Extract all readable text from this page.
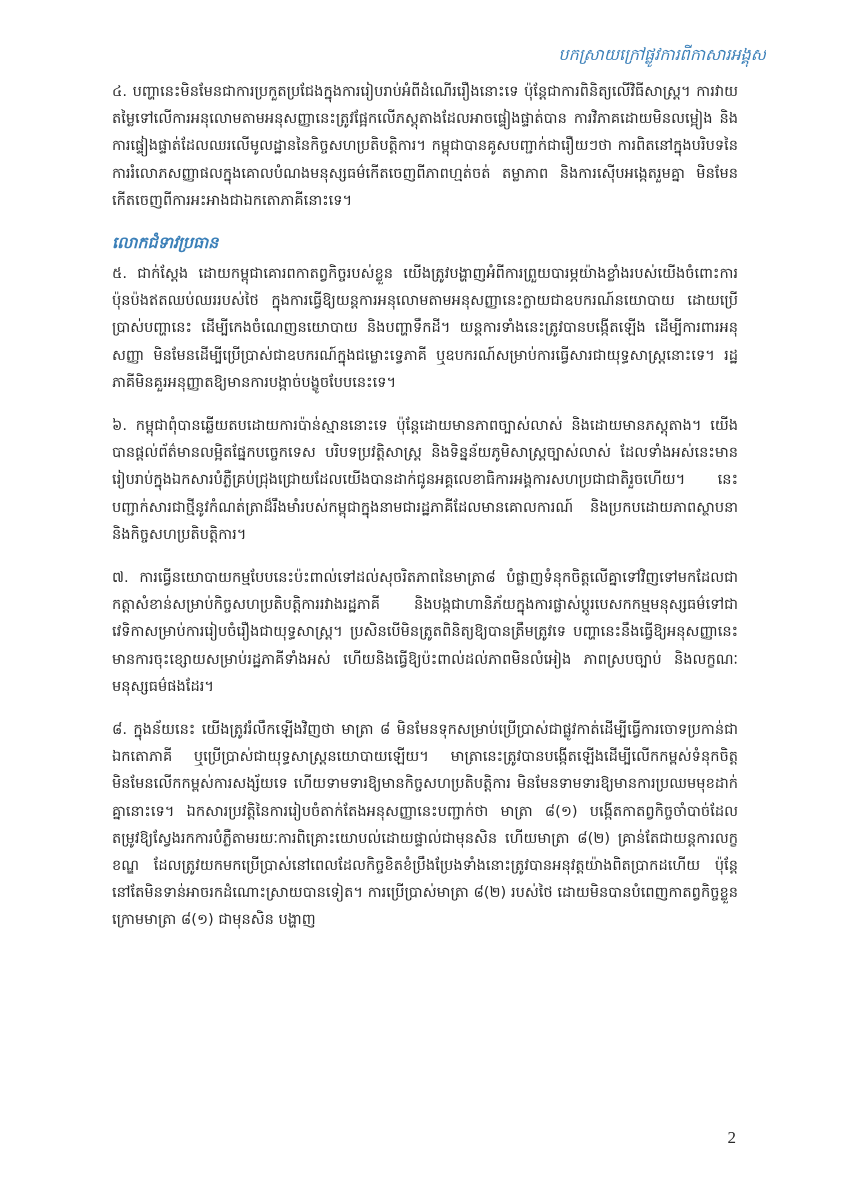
បកស្រាយក្រៅផ្លូវការពីកាសារអង្គុស

៤. បញ្ហានេះមិនមែនជាការប្រកួតប្រជែងក្នុងការរៀបរាប់អំពីដំណើររឿងនោះទេ ប៉ុន្តែជាការពិនិត្យលើវិធីសាស្ត្រ។ ការវាយតម្លៃទៅលើការអនុលោមតាមអនុសញ្ញានេះត្រូវផ្អែកលើភស្តុតាងដែលអាចផ្ទៀងផ្ទាត់បាន ការវិភាគដោយមិនលម្អៀង និងការផ្ទៀងផ្ទាត់ដែលឈរលើមូលដ្ឋាននៃកិច្ចសហប្រតិបត្តិការ។ កម្ពុជាបានគូសបញ្ជាក់ជារឿយៗថា ការពិតនៅក្នុងបរិបទនៃការរំលោភសញ្ញាផលក្នុងគោលបំណងមនុស្សធម៌កើតចេញពីភាពហ្មត់ចត់ តម្លាភាព និងការស៊ើបអង្កេតរួមគ្នា មិនមែនកើតចេញពីការអះអាងជាឯកតោភាគីនោះទេ។

លោកជំទាវប្រធាន

៥. ជាក់ស្តែង ដោយកម្ពុជាគោរពកាតព្វកិច្ចរបស់ខ្លួន យើងត្រូវបង្ហាញអំពីការព្រួយបារម្ភយ៉ាងខ្លាំងរបស់យើងចំពោះការប៉ុនប៉ងឥតឈប់ឈររបស់ថៃ ក្នុងការធ្វើឱ្យយន្តការអនុលោមតាមអនុសញ្ញានេះក្លាយជាឧបករណ៍នយោបាយ ដោយប្រើប្រាស់បញ្ហានេះ ដើម្បីកេងចំណេញនយោបាយ និងបញ្ហាទឹកដី។ យន្តការទាំងនេះត្រូវបានបង្កើតឡើង ដើម្បីការពារអនុសញ្ញា មិនមែនដើម្បីប្រើប្រាស់ជាឧបករណ៍ក្នុងជម្លោះទ្វេភាគី ឬឧបករណ៍សម្រាប់ការធ្វើសារជាយុទ្ធសាស្ត្រនោះទេ។ រដ្ឋភាគីមិនគួរអនុញ្ញាតឱ្យមានការបង្កាច់បង្ខូចបែបនេះទេ។

៦. កម្ពុជាពុំបានឆ្លើយតបដោយការប៉ាន់ស្មាននោះទេ ប៉ុន្តែដោយមានភាពច្បាស់លាស់ និងដោយមានភស្តុតាង។ យើងបានផ្តល់ព័ត៌មានលម្អិតផ្នែកបច្ចេកទេស បរិបទប្រវត្តិសាស្ត្រ និងទិន្នន័យភូមិសាស្ត្រច្បាស់លាស់ ដែលទាំងអស់នេះមានរៀបរាប់ក្នុងឯកសារបំភ្លឺគ្រប់ជ្រុងជ្រោយដែលយើងបានដាក់ជូនអគ្គលេខាធិការអង្គការសហប្រជាជាតិរួចហើយ។ នេះបញ្ជាក់សារជាថ្មីនូវកំណត់ត្រាដ៏រឹងមាំរបស់កម្ពុជាក្នុងនាមជារដ្ឋភាគីដែលមានគោលការណ៍ និងប្រកបដោយភាពស្ថាបនា និងកិច្ចសហប្រតិបត្តិការ។

៧. ការធ្វើនយោបាយកម្មបែបនេះប៉ះពាល់ទៅដល់សុចរិតភាពនៃមាត្រា៨ បំផ្លាញទំនុកចិត្តលើគ្នាទៅវិញទៅមកដែលជាកត្តាសំខាន់សម្រាប់កិច្ចសហប្រតិបត្តិការរវាងរដ្ឋភាគី និងបង្កជាហានិភ័យក្នុងការផ្លាស់ប្តូរបេសកកម្មមនុស្សធម៌ទៅជាវេទិកាសម្រាប់ការរៀបចំរឿងជាយុទ្ធសាស្ត្រ។ ប្រសិនបើមិនត្រូតពិនិត្យឱ្យបានត្រឹមត្រូវទេ បញ្ហានេះនឹងធ្វើឱ្យអនុសញ្ញានេះមានការចុះខ្សោយសម្រាប់រដ្ឋភាគីទាំងអស់ ហើយនិងធ្វើឱ្យប៉ះពាល់ដល់ភាពមិនលំអៀង ភាពស្របច្បាប់ និងលក្ខណៈមនុស្សធម៌ផងដែរ។

៨. ក្នុងន័យនេះ យើងត្រូវរំលឹកឡើងវិញថា មាត្រា ៨ មិនមែនទុកសម្រាប់ប្រើប្រាស់ជាផ្លូវកាត់ដើម្បីធ្វើការចោទប្រកាន់ជាឯកតោភាគី ឬប្រើប្រាស់ជាយុទ្ធសាស្ត្រនយោបាយឡើយ។ មាត្រានេះត្រូវបានបង្កើតឡើងដើម្បីលើកកម្ពស់ទំនុកចិត្ត មិនមែនលើកកម្ពស់ការសង្ស័យទេ ហើយទាមទារឱ្យមានកិច្ចសហប្រតិបត្តិការ មិនមែនទាមទារឱ្យមានការប្រឈមមុខដាក់គ្នានោះទេ។ ឯកសារប្រវត្តិនៃការរៀបចំតាក់តែងអនុសញ្ញានេះបញ្ជាក់ថា មាត្រា ៨(១) បង្កើតកាតព្វកិច្ចចាំបាច់ដែលតម្រូវឱ្យស្វែងរកការបំភ្លឺតាមរយៈការពិគ្រោះយោបល់ដោយផ្ទាល់ជាមុនសិន ហើយមាត្រា ៨(២) គ្រាន់តែជាយន្តការលក្ខខណ្ឌ ដែលត្រូវយកមកប្រើប្រាស់នៅពេលដែលកិច្ចខិតខំប្រឹងប្រែងទាំងនោះត្រូវបានអនុវត្តយ៉ាងពិតប្រាកដហើយ ប៉ុន្តែនៅតែមិនទាន់អាចរកដំណោះស្រាយបានទៀត។ ការប្រើប្រាស់មាត្រា ៨(២) របស់ថៃ ដោយមិនបានបំពេញកាតព្វកិច្ចខ្លួនក្រោមមាត្រា ៨(១) ជាមុនសិន បង្ហាញ

2
